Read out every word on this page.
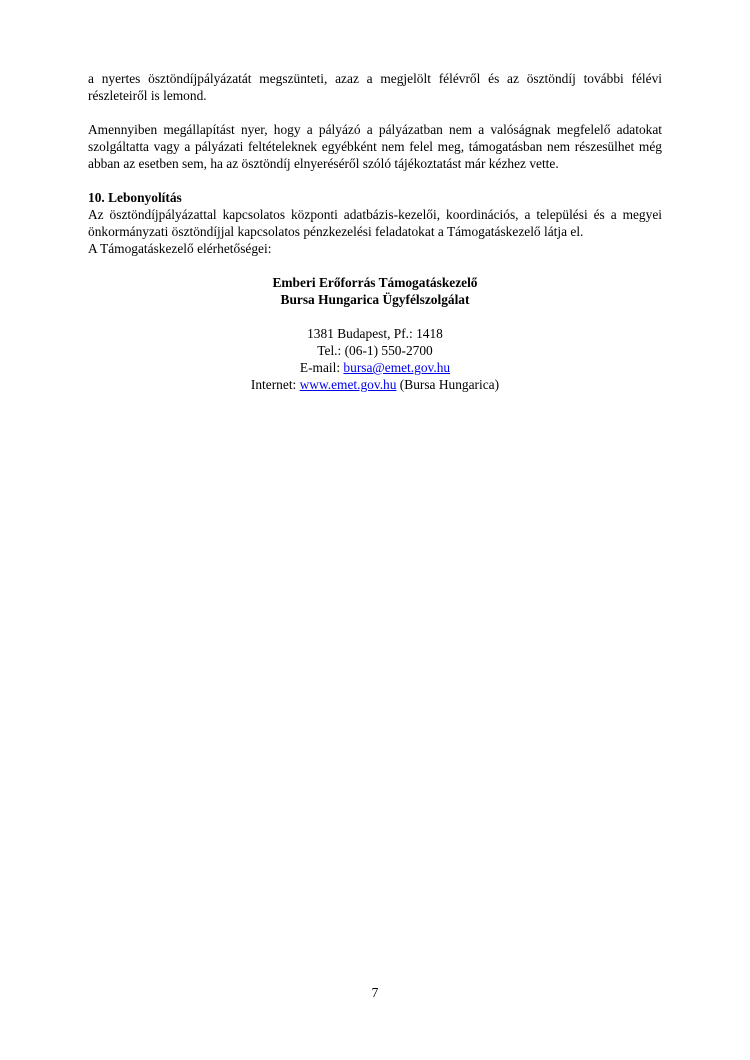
a nyertes ösztöndíjpályázatát megszünteti, azaz a megjelölt félévről és az ösztöndíj további félévi részleteiről is lemond.

Amennyiben megállapítást nyer, hogy a pályázó a pályázatban nem a valóságnak megfelelő adatokat szolgáltatta vagy a pályázati feltételeknek egyébként nem felel meg, támogatásban nem részesülhet még abban az esetben sem, ha az ösztöndíj elnyeréséről szóló tájékoztatást már kézhez vette.

10. Lebonyolítás

Az ösztöndíjpályázattal kapcsolatos központi adatbázis-kezelői, koordinációs, a települési és a megyei önkormányzati ösztöndíjjal kapcsolatos pénzkezelési feladatokat a Támogatáskezelő látja el.

A Támogatáskezelő elérhetőségei:

Emberi Erőforrás Támogatáskezelő

Bursa Hungarica Ügyfélszolgálat

1381 Budapest, Pf.: 1418

Tel.: (06-1) 550-2700

E-mail: bursa@emet.gov.hu

Internet: www.emet.gov.hu (Bursa Hungarica)

7
